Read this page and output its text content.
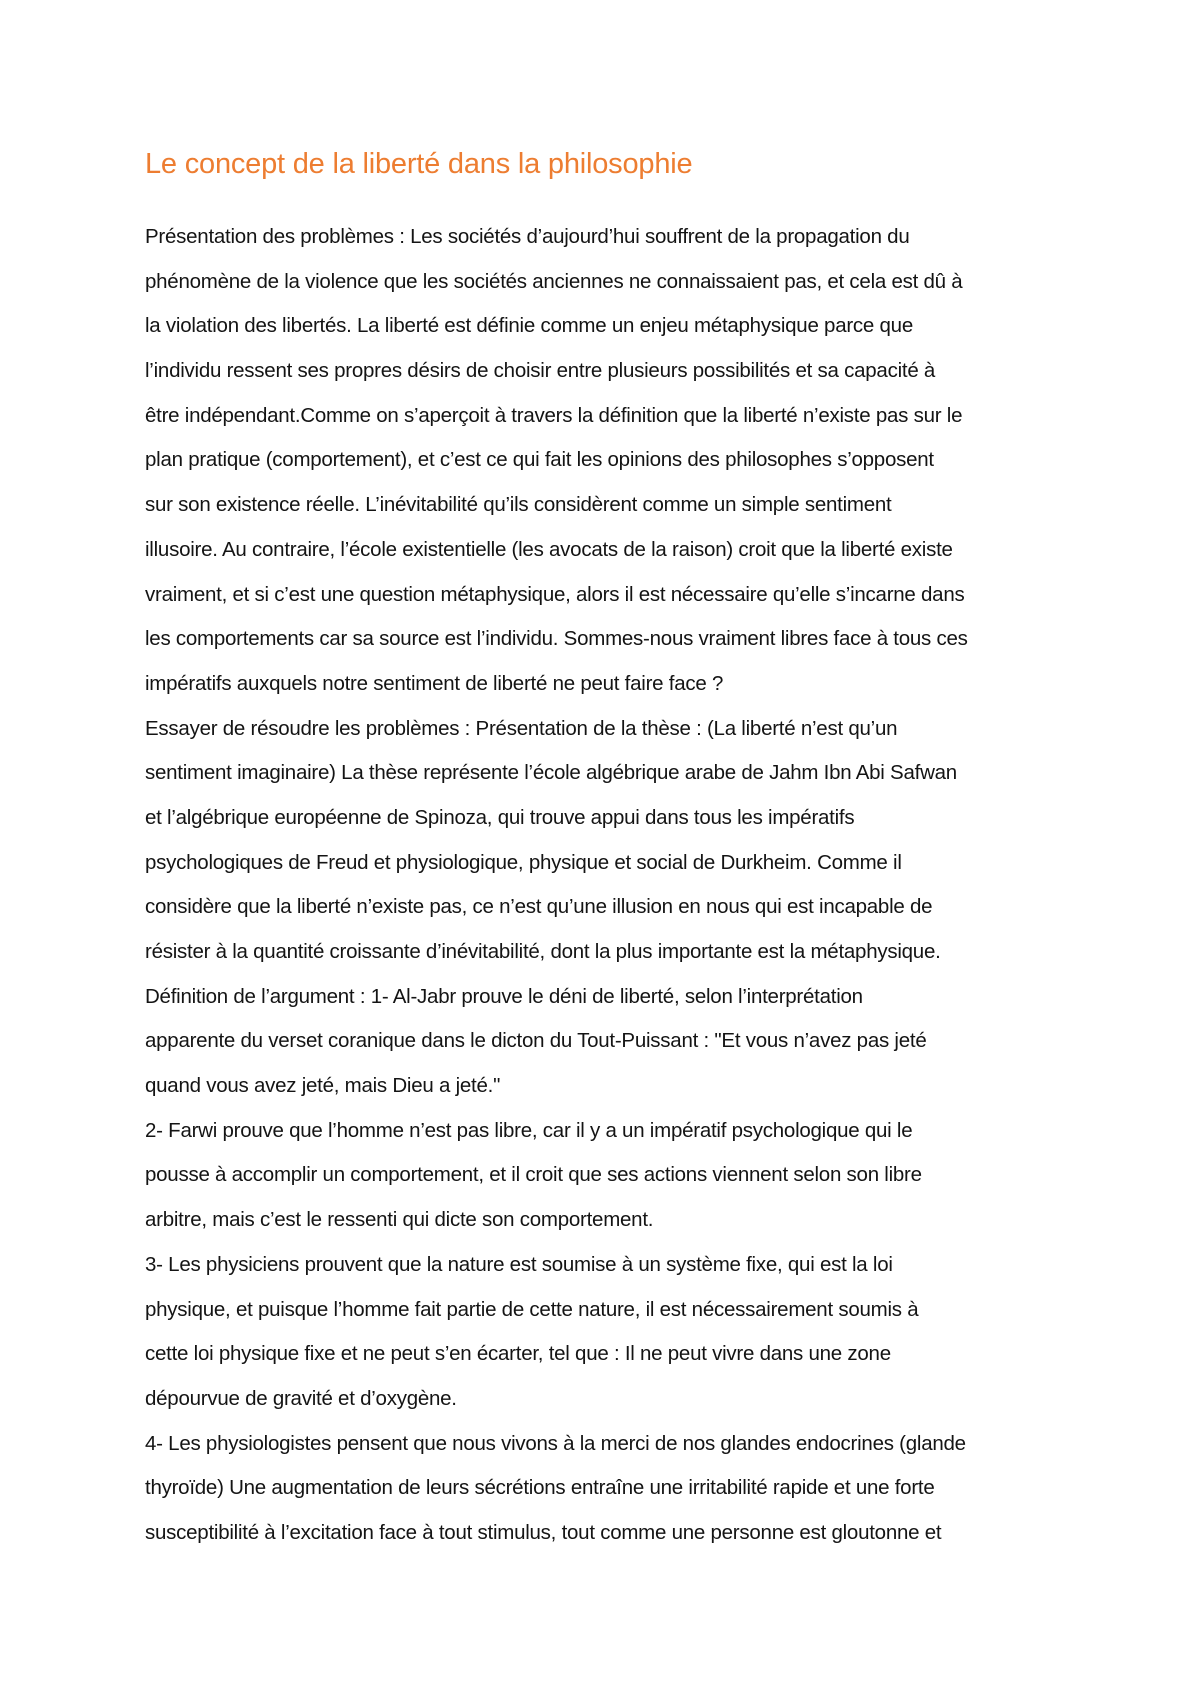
Le concept de la liberté dans la philosophie
Présentation des problèmes : Les sociétés d’aujourd’hui souffrent de la propagation du
phénomène de la violence que les sociétés anciennes ne connaissaient pas, et cela est dû à
la violation des libertés. La liberté est définie comme un enjeu métaphysique parce que
l’individu ressent ses propres désirs de choisir entre plusieurs possibilités et sa capacité à
être indépendant.Comme on s’aperçoit à travers la définition que la liberté n’existe pas sur le
plan pratique (comportement), et c’est ce qui fait les opinions des philosophes s’opposent
sur son existence réelle. L’inévitabilité qu’ils considèrent comme un simple sentiment
illusoire. Au contraire, l’école existentielle (les avocats de la raison) croit que la liberté existe
vraiment, et si c’est une question métaphysique, alors il est nécessaire qu’elle s’incarne dans
les comportements car sa source est l’individu. Sommes-nous vraiment libres face à tous ces
impératifs auxquels notre sentiment de liberté ne peut faire face ?
Essayer de résoudre les problèmes : Présentation de la thèse : (La liberté n’est qu’un
sentiment imaginaire) La thèse représente l’école algébrique arabe de Jahm Ibn Abi Safwan
et l’algébrique européenne de Spinoza, qui trouve appui dans tous les impératifs
psychologiques de Freud et physiologique, physique et social de Durkheim. Comme il
considère que la liberté n’existe pas, ce n’est qu’une illusion en nous qui est incapable de
résister à la quantité croissante d’inévitabilité, dont la plus importante est la métaphysique.
Définition de l’argument : 1- Al-Jabr prouve le déni de liberté, selon l’interprétation
apparente du verset coranique dans le dicton du Tout-Puissant : "Et vous n’avez pas jeté
quand vous avez jeté, mais Dieu a jeté."
2- Farwi prouve que l’homme n’est pas libre, car il y a un impératif psychologique qui le
pousse à accomplir un comportement, et il croit que ses actions viennent selon son libre
arbitre, mais c’est le ressenti qui dicte son comportement.
3- Les physiciens prouvent que la nature est soumise à un système fixe, qui est la loi
physique, et puisque l’homme fait partie de cette nature, il est nécessairement soumis à
cette loi physique fixe et ne peut s’en écarter, tel que : Il ne peut vivre dans une zone
dépourvue de gravité et d’oxygène.
4- Les physiologistes pensent que nous vivons à la merci de nos glandes endocrines (glande
thyroïde) Une augmentation de leurs sécrétions entraîne une irritabilité rapide et une forte
susceptibilité à l’excitation face à tout stimulus, tout comme une personne est gloutonne et
